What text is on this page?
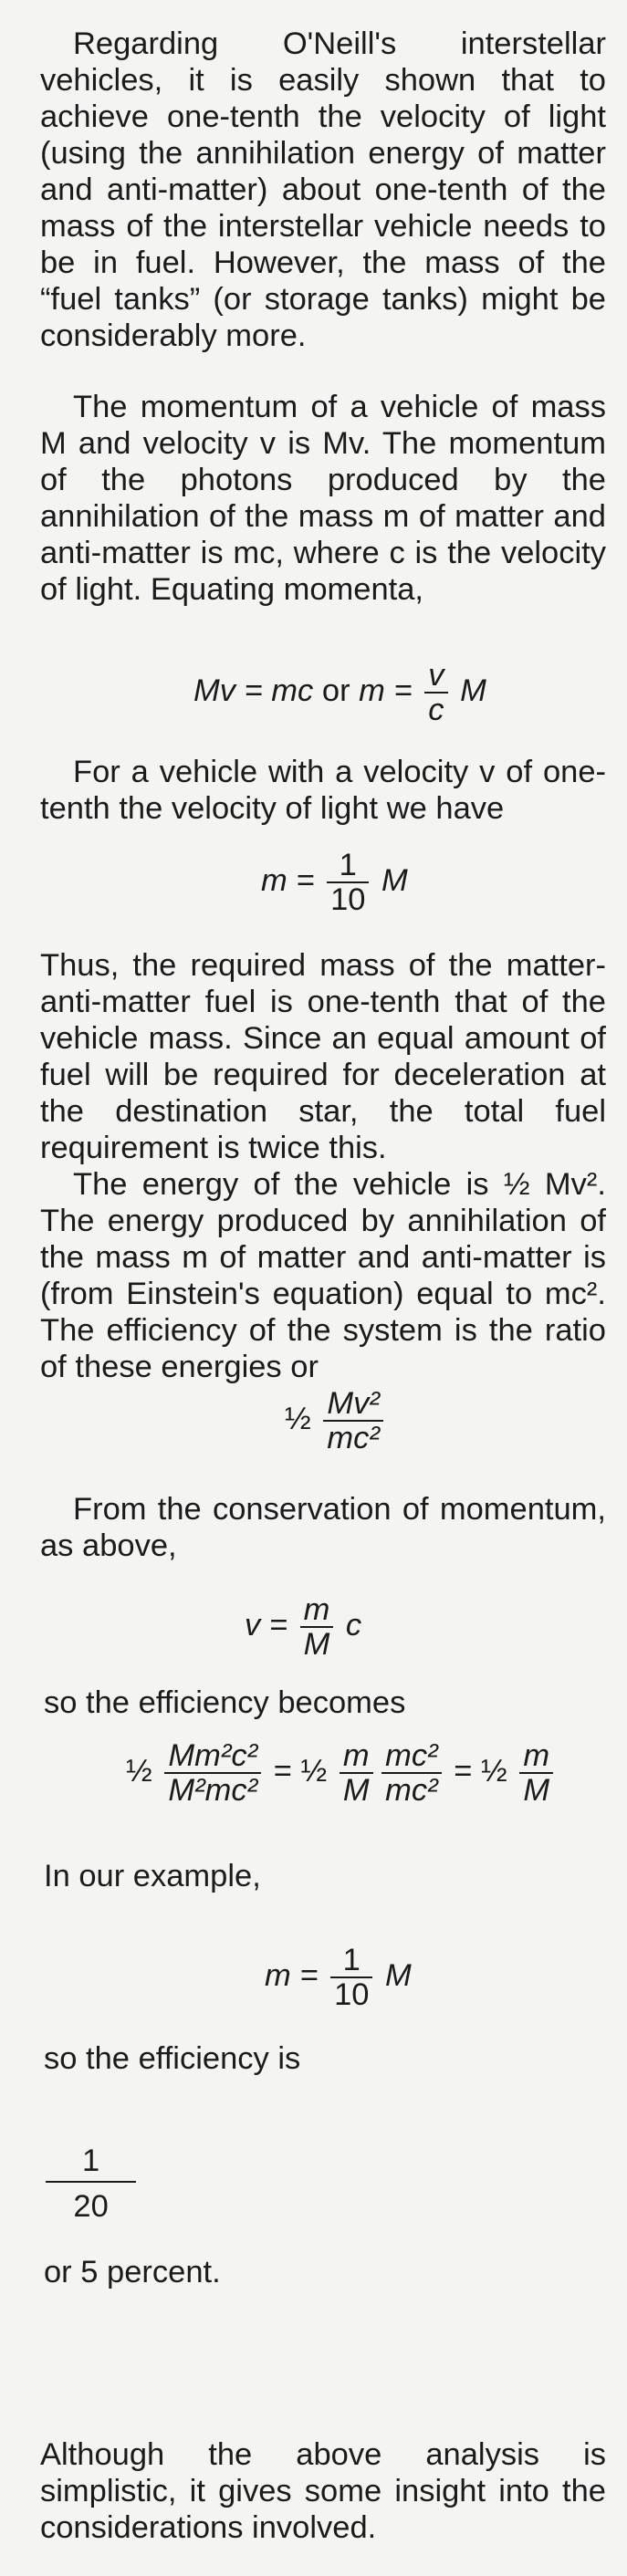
Regarding O'Neill's interstellar vehicles, it is easily shown that to achieve one-tenth the velocity of light (using the annihilation energy of matter and anti-matter) about one-tenth of the mass of the interstellar vehicle needs to be in fuel. However, the mass of the “fuel tanks” (or storage tanks) might be considerably more.

The momentum of a vehicle of mass M and velocity v is Mv. The momentum of the photons produced by the annihilation of the mass m of matter and anti-matter is mc, where c is the velocity of light. Equating momenta,

Mv = mc or $m = \frac{v}{c}$ M

For a vehicle with a velocity v of one-tenth the velocity of light we have

$m = \frac{1}{10}$ M

Thus, the required mass of the matter-anti-matter fuel is one-tenth that of the vehicle mass. Since an equal amount of fuel will be required for deceleration at the destination star, the total fuel requirement is twice this.

The energy of the vehicle is ½ Mv². The energy produced by annihilation of the mass m of matter and anti-matter is (from Einstein's equation) equal to mc². The efficiency of the system is the ratio of these energies or

½ $\frac{\text{Mv²}}{\text{mc²}}$

From the conservation of momentum, as above,

$v = \frac{m}{M}$ c

so the efficiency becomes

½ $\frac{\text{Mm²c²}}{\text{M²mc²}}$ = ½ $\frac{m}{M}$
$\frac{\text{mc²}}{\text{mc²}}$ = ½ $\frac{m}{M}$

In our example,

$m = \frac{1}{10}$ M

so the efficiency is

$\frac{1}{20}$

or 5 percent.

Although the above analysis is simplistic, it gives some insight into the considerations involved.
